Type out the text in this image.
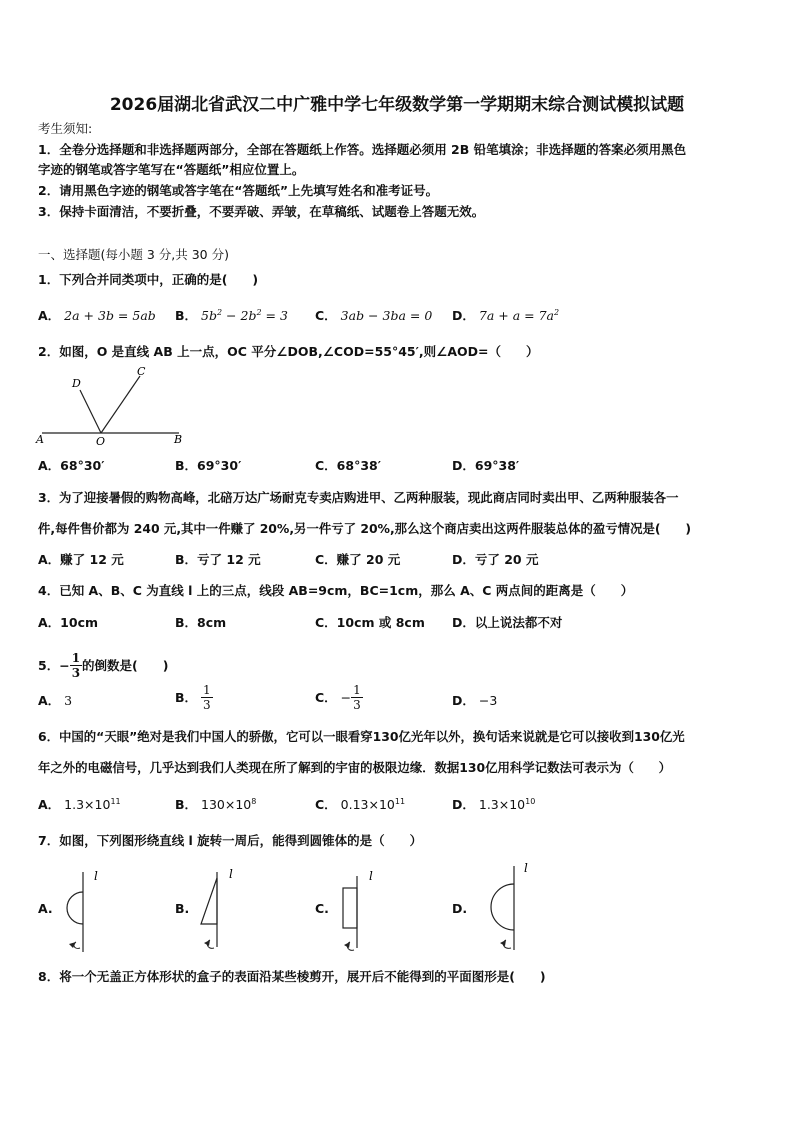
2026届湖北省武汉二中广雅中学七年级数学第一学期期末综合测试模拟试题
考生须知:
1．全卷分选择题和非选择题两部分，全部在答题纸上作答。选择题必须用 2B 铅笔填涂；非选择题的答案必须用黑色
字迹的钢笔或答字笔写在“答题纸”相应位置上。
2．请用黑色字迹的钢笔或答字笔在“答题纸”上先填写姓名和准考证号。
3．保持卡面清洁，不要折叠，不要弄破、弄皱，在草稿纸、试题卷上答题无效。
一、选择题(每小题 3 分,共 30 分)
1．下列合并同类项中，正确的是(　　)
A． 2a + 3b = 5ab B． $5b^2 - 2b^2 = 3$ C． 3ab − 3ba = 0 D． $7a + a = 7a^2$
2．如图，O 是直线 AB 上一点，OC 平分∠DOB,∠COD=55°45′,则∠AOD=（　　）
A	B
O
D
C
A．68°30′	B．69°30′	C．68°38′	D．69°38′
3．为了迎接暑假的购物高峰，北碚万达广场耐克专卖店购进甲、乙两种服装，现此商店同时卖出甲、乙两种服装各一
件,每件售价都为 240 元,其中一件赚了 20%,另一件亏了 20%,那么这个商店卖出这两件服装总体的盈亏情况是(　　)
A．赚了 12 元	B．亏了 12 元	C．赚了 20 元	D．亏了 20 元
4．已知 A、B、C 为直线 l 上的三点，线段 AB=9cm，BC=1cm，那么 A、C 两点间的距离是（　　）
A．10cm	B．8cm	C．10cm 或 8cm D．以上说法都不对
5． − $\frac{1}{3}$ 的倒数是(　　)
A． 3	B．
$\frac{1}{3}$	C．
− $\frac{1}{3}$	D． −3
6．中国的“天眼”绝对是我们中国人的骄傲，它可以一眼看穿130亿光年以外，换句话来说就是它可以接收到130亿光
年之外的电磁信号，几乎达到我们人类现在所了解到的宇宙的极限边缘．数据130亿用科学记数法可表示为（　　）
A． $1.3\times 10^{11}$	B． $130\times 10^8$	C． $0.13\times 10^{11}$	D． $1.3\times 10^{10}$
7．如图，下列图形绕直线 l 旋转一周后，能得到圆锥体的是（　　）
A.
l
B.
l
C.
l
D.
l
8．将一个无盖正方体形状的盒子的表面沿某些棱剪开，展开后不能得到的平面图形是(　　)
